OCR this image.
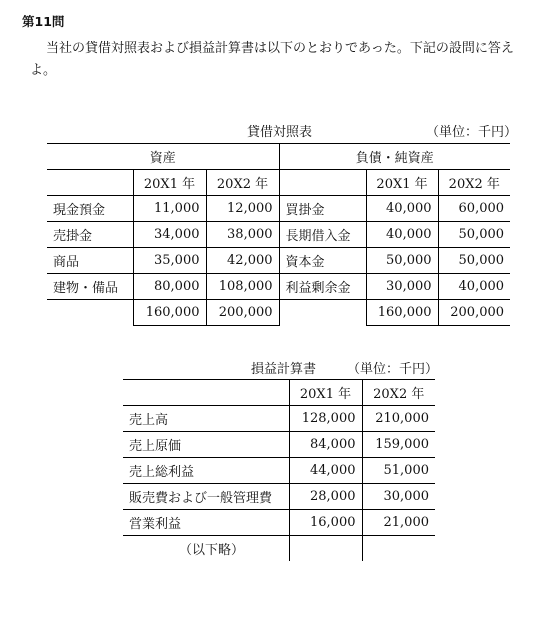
第11問

当社の貸借対照表および損益計算書は以下のとおりであった。下記の設問に答えよ。

貸借対照表	（単位：千円）
資産			負債・純資産		
	20X1 年	20X2 年		20X1 年	20X2 年
現金預金	11,000	12,000	買掛金	40,000	60,000
売掛金	34,000	38,000	長期借入金	40,000	50,000
商品	35,000	42,000	資本金	50,000	50,000
建物・備品	80,000	108,000	利益剰余金	30,000	40,000
	160,000	200,000		160,000	200,000
損益計算書 （単位：千円）
	20X1 年	20X2 年
売上高	128,000	210,000
売上原価	84,000	159,000
売上総利益	44,000	51,000
販売費および一般管理費	28,000	30,000
営業利益	16,000	21,000
（以下略）		
